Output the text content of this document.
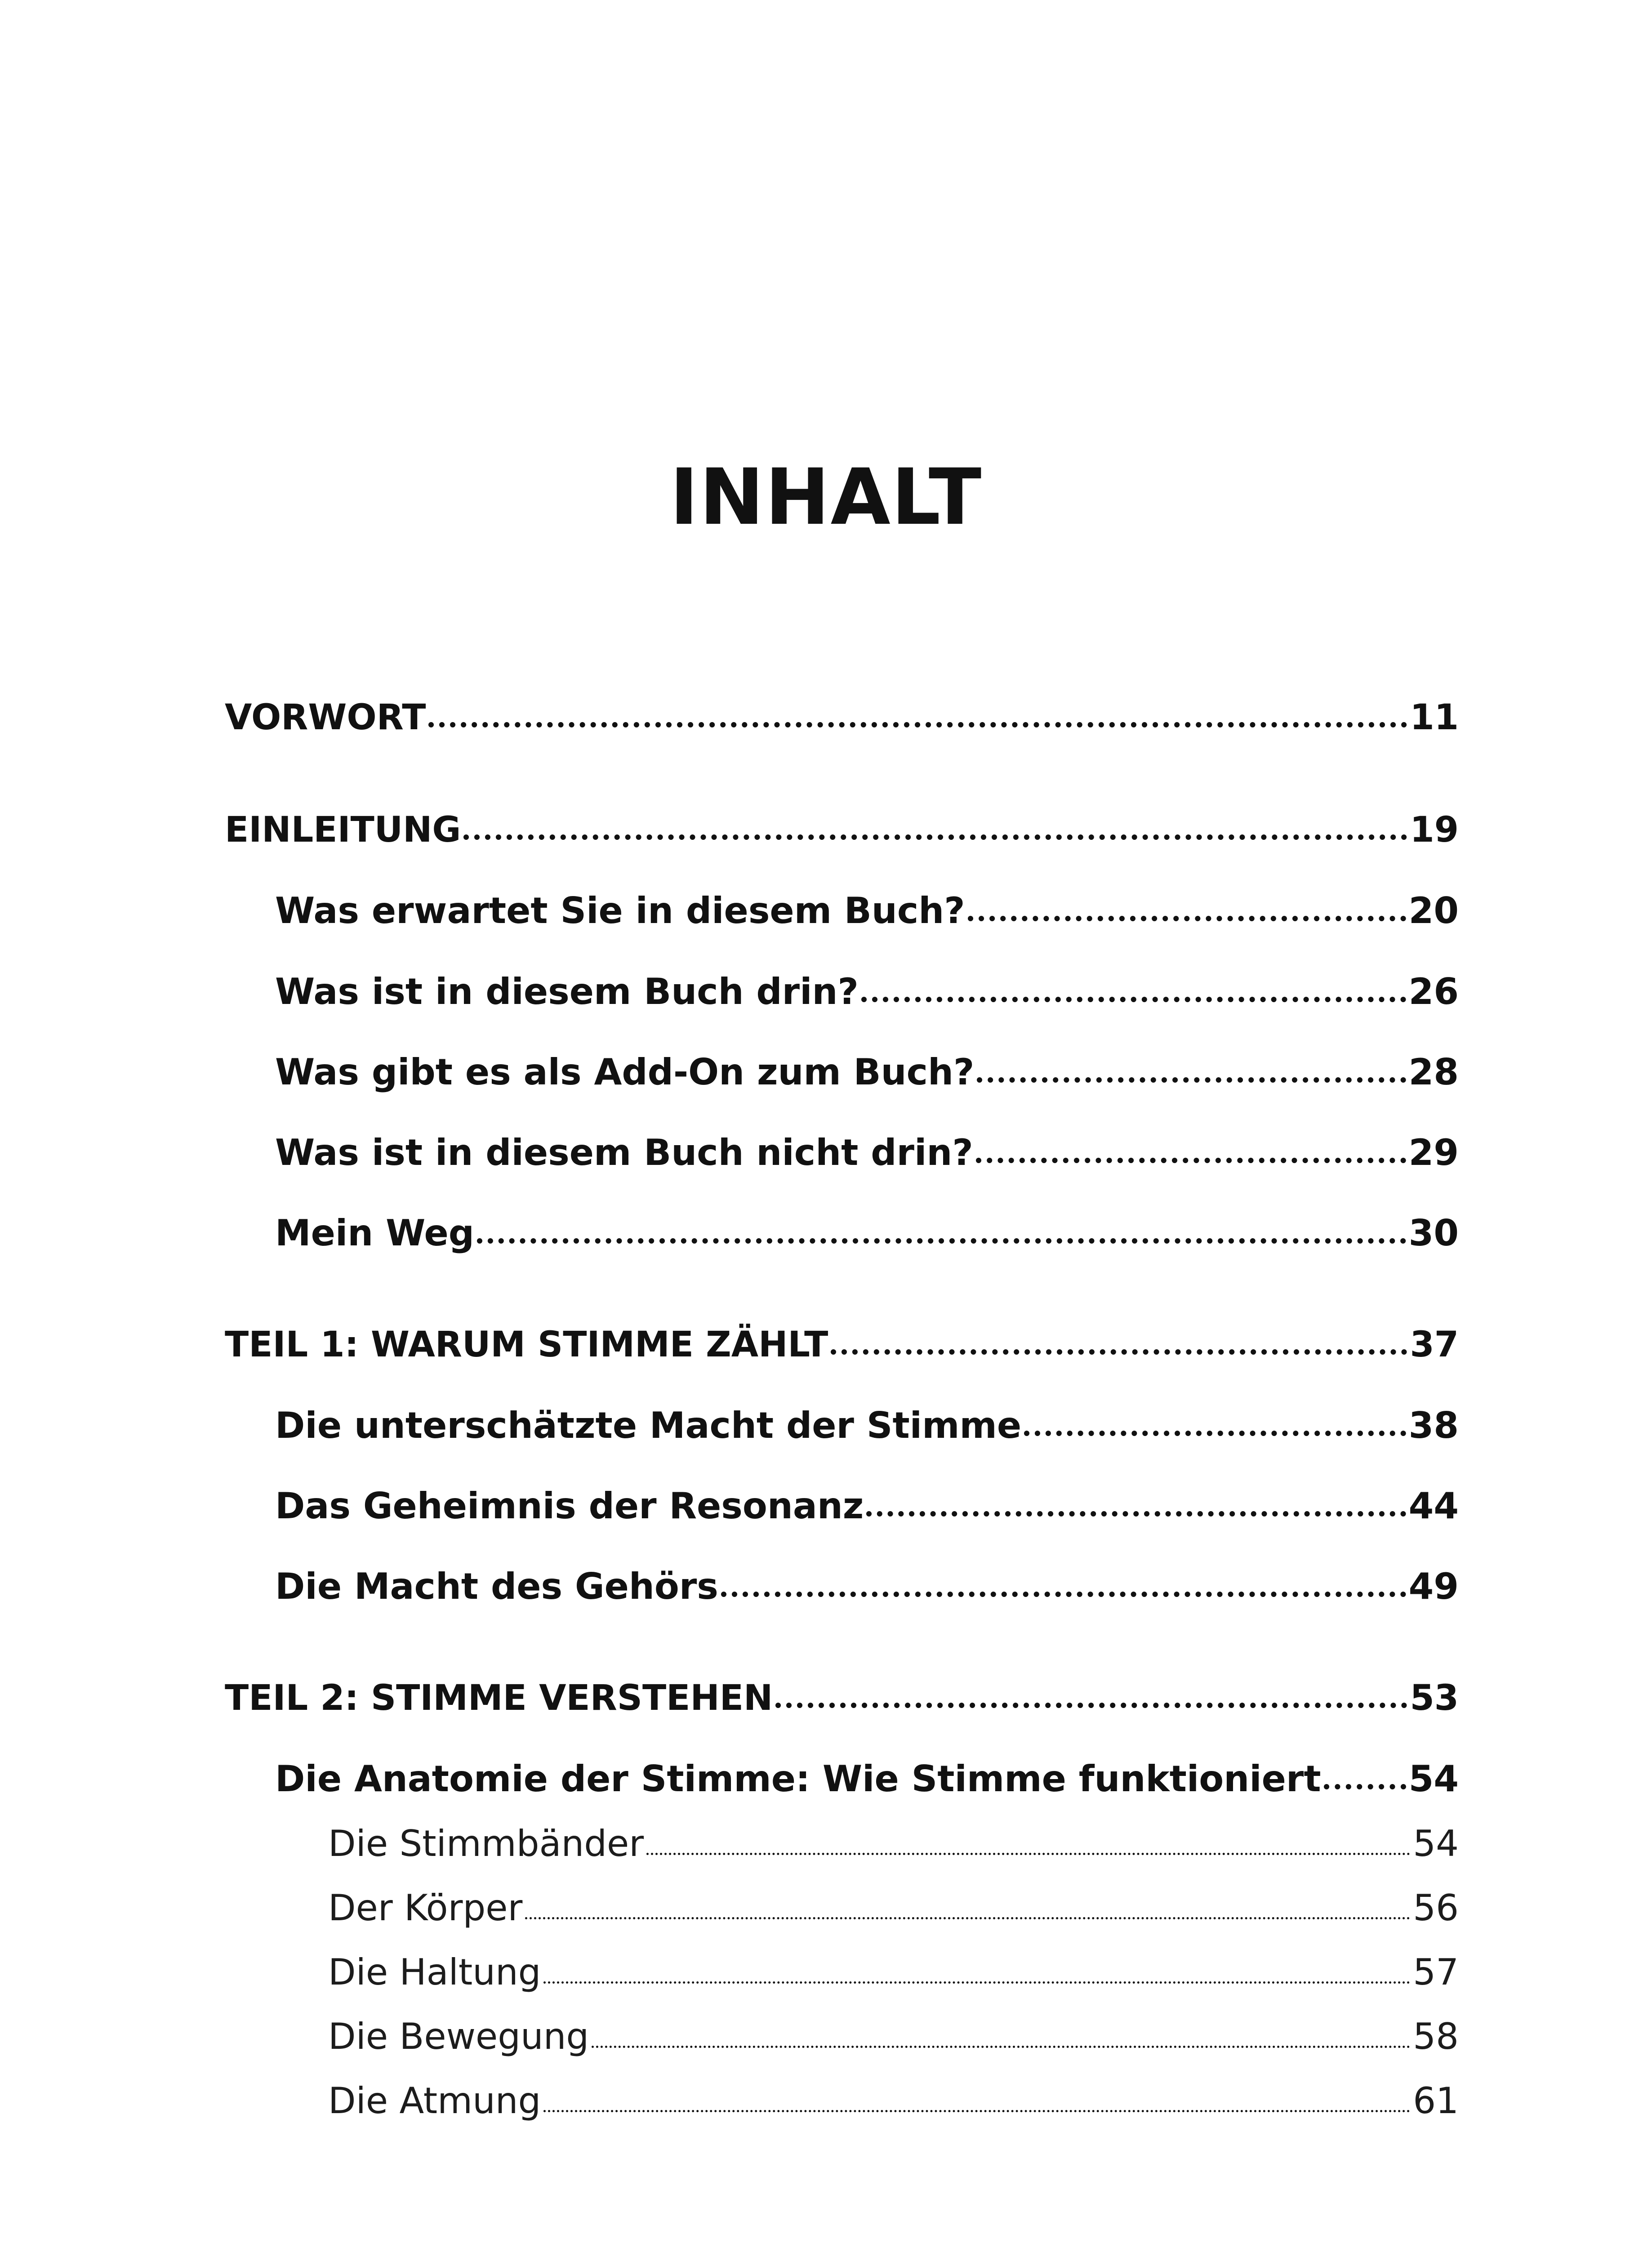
INHALT
VORWORT	11
EINLEITUNG	19
Was erwartet Sie in diesem Buch?	20
Was ist in diesem Buch drin?	26
Was gibt es als Add-On zum Buch?	28
Was ist in diesem Buch nicht drin?	29
Mein Weg	30
TEIL 1: WARUM STIMME ZÄHLT	37
Die unterschätzte Macht der Stimme	38
Das Geheimnis der Resonanz	44
Die Macht des Gehörs	49
TEIL 2: STIMME VERSTEHEN	53
Die Anatomie der Stimme: Wie Stimme funktioniert 54
Die Stimmbänder	54
Der Körper	56
Die Haltung	57
Die Bewegung	58
Die Atmung	61
